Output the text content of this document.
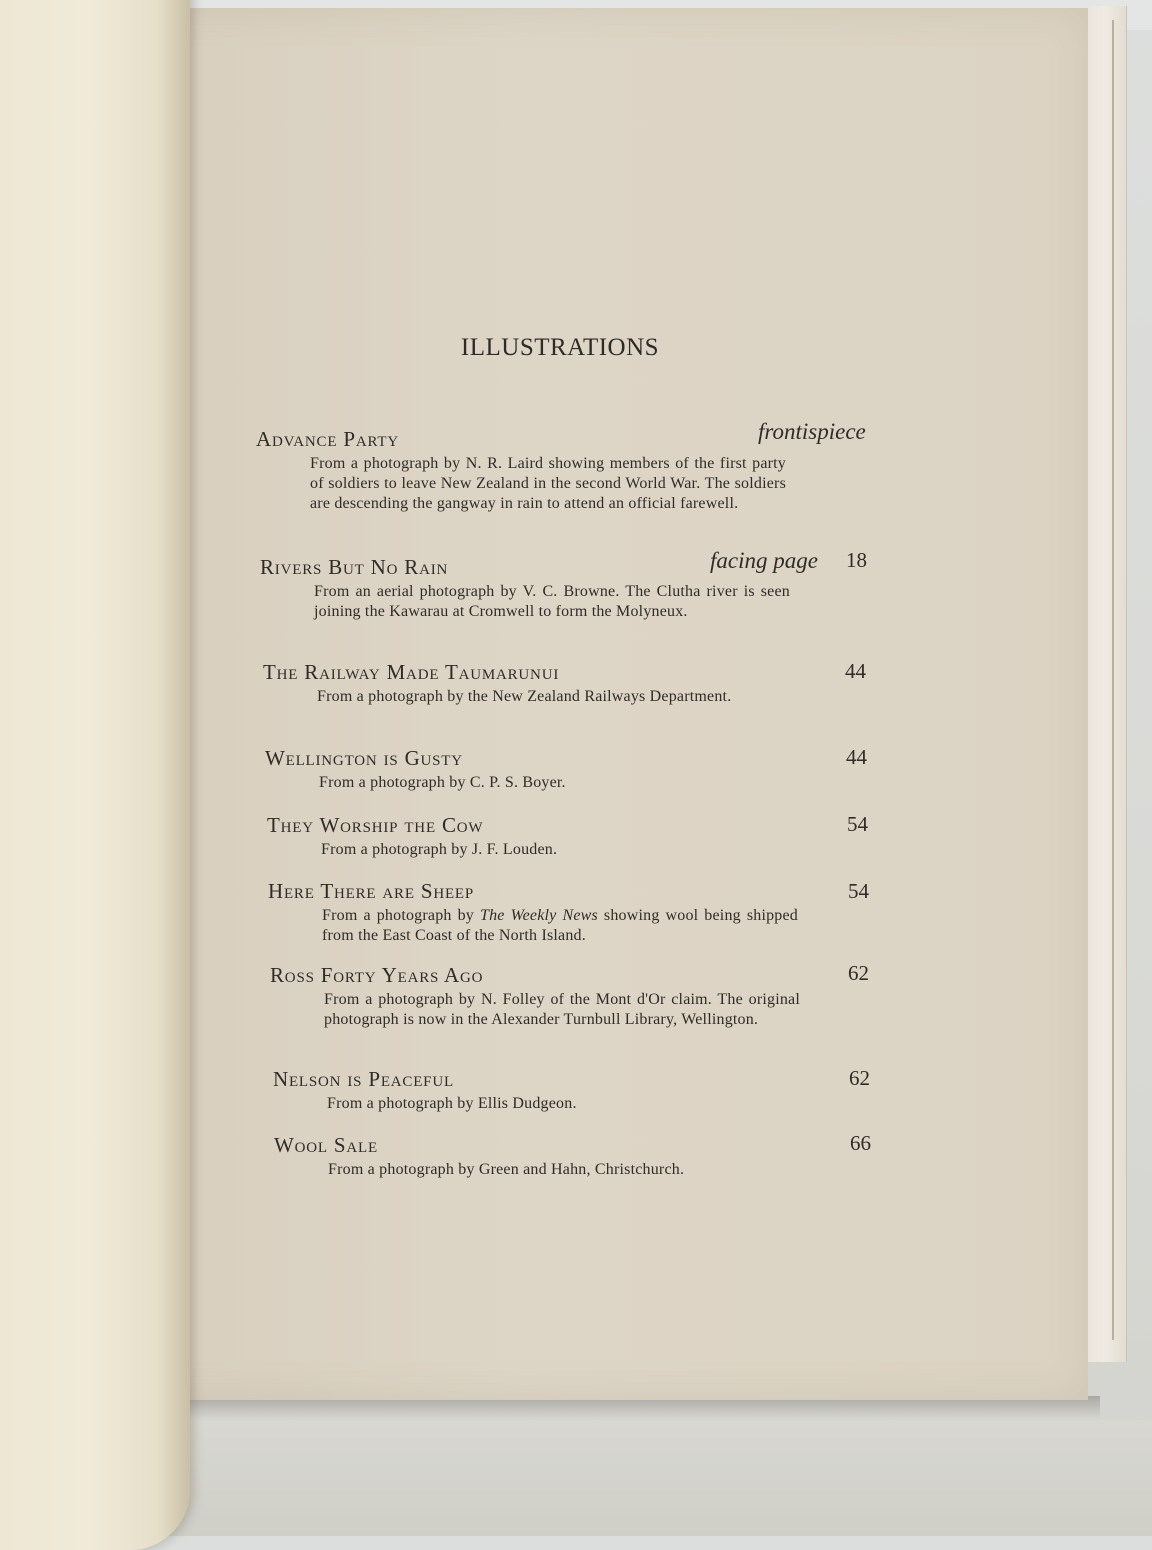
ILLUSTRATIONS
Advance Party
From a photograph by N. R. Laird showing members of the first party of soldiers to leave New Zealand in the second World War. The soldiers are descending the gangway in rain to attend an official farewell.
frontispiece
Rivers But No Rain
From an aerial photograph by V. C. Browne. The Clutha river is seen joining the Kawarau at Cromwell to form the Molyneux.
facing page 18
The Railway Made Taumarunui
From a photograph by the New Zealand Railways Department.
44
Wellington is Gusty
From a photograph by C. P. S. Boyer.
44
They Worship the Cow
From a photograph by J. F. Louden.
54
Here There are Sheep
From a photograph by The Weekly News showing wool being shipped from the East Coast of the North Island.
54
Ross Forty Years Ago
From a photograph by N. Folley of the Mont d'Or claim. The original photograph is now in the Alexander Turnbull Library, Wellington.
62
Nelson is Peaceful
From a photograph by Ellis Dudgeon.
62
Wool Sale
From a photograph by Green and Hahn, Christchurch.
66
